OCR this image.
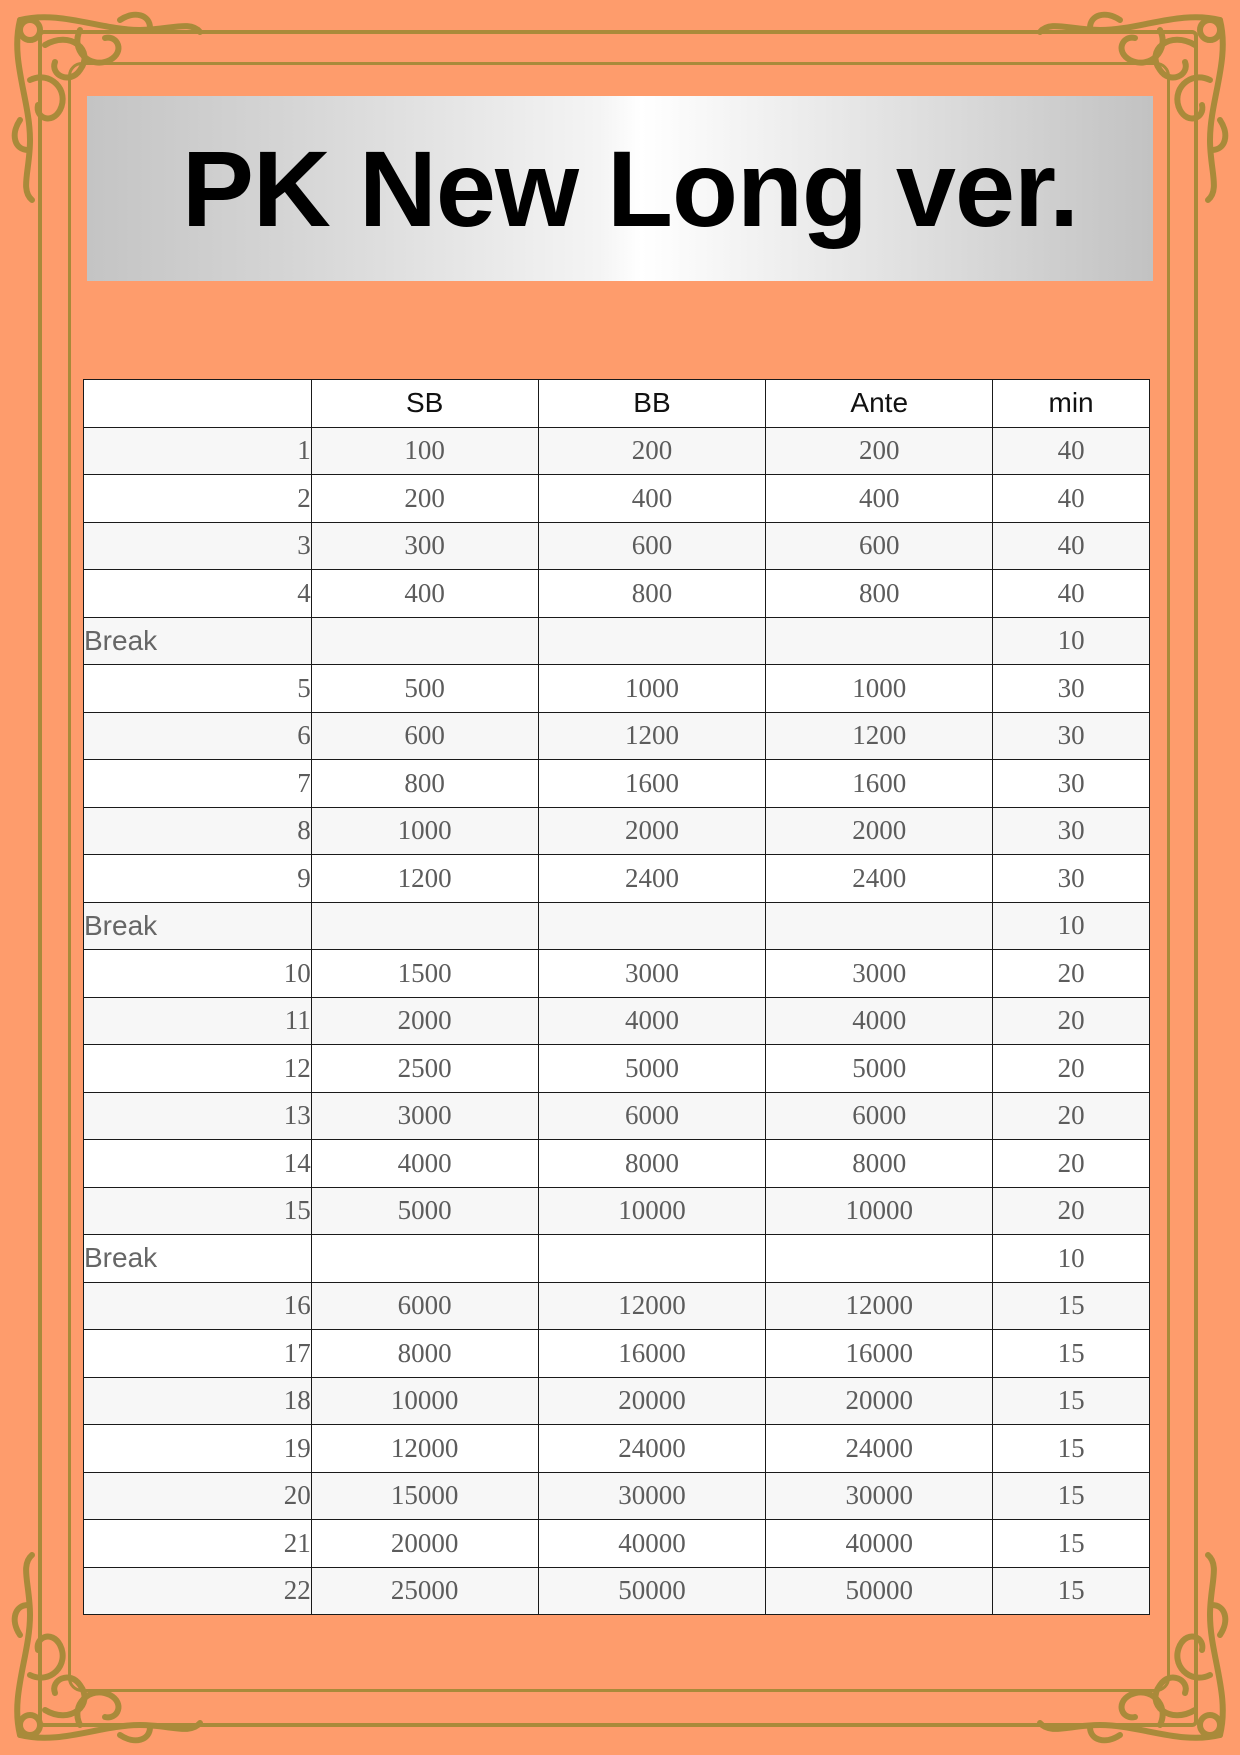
PK New Long ver.
	SB	BB	Ante	min
1	100	200	200	40
2	200	400	400	40
3	300	600	600	40
4	400	800	800	40
Break				10
5	500	1000	1000	30
6	600	1200	1200	30
7	800	1600	1600	30
8	1000	2000	2000	30
9	1200	2400	2400	30
Break				10
10	1500	3000	3000	20
11	2000	4000	4000	20
12	2500	5000	5000	20
13	3000	6000	6000	20
14	4000	8000	8000	20
15	5000	10000	10000	20
Break				10
16	6000	12000	12000	15
17	8000	16000	16000	15
18	10000	20000	20000	15
19	12000	24000	24000	15
20	15000	30000	30000	15
21	20000	40000	40000	15
22	25000	50000	50000	15
